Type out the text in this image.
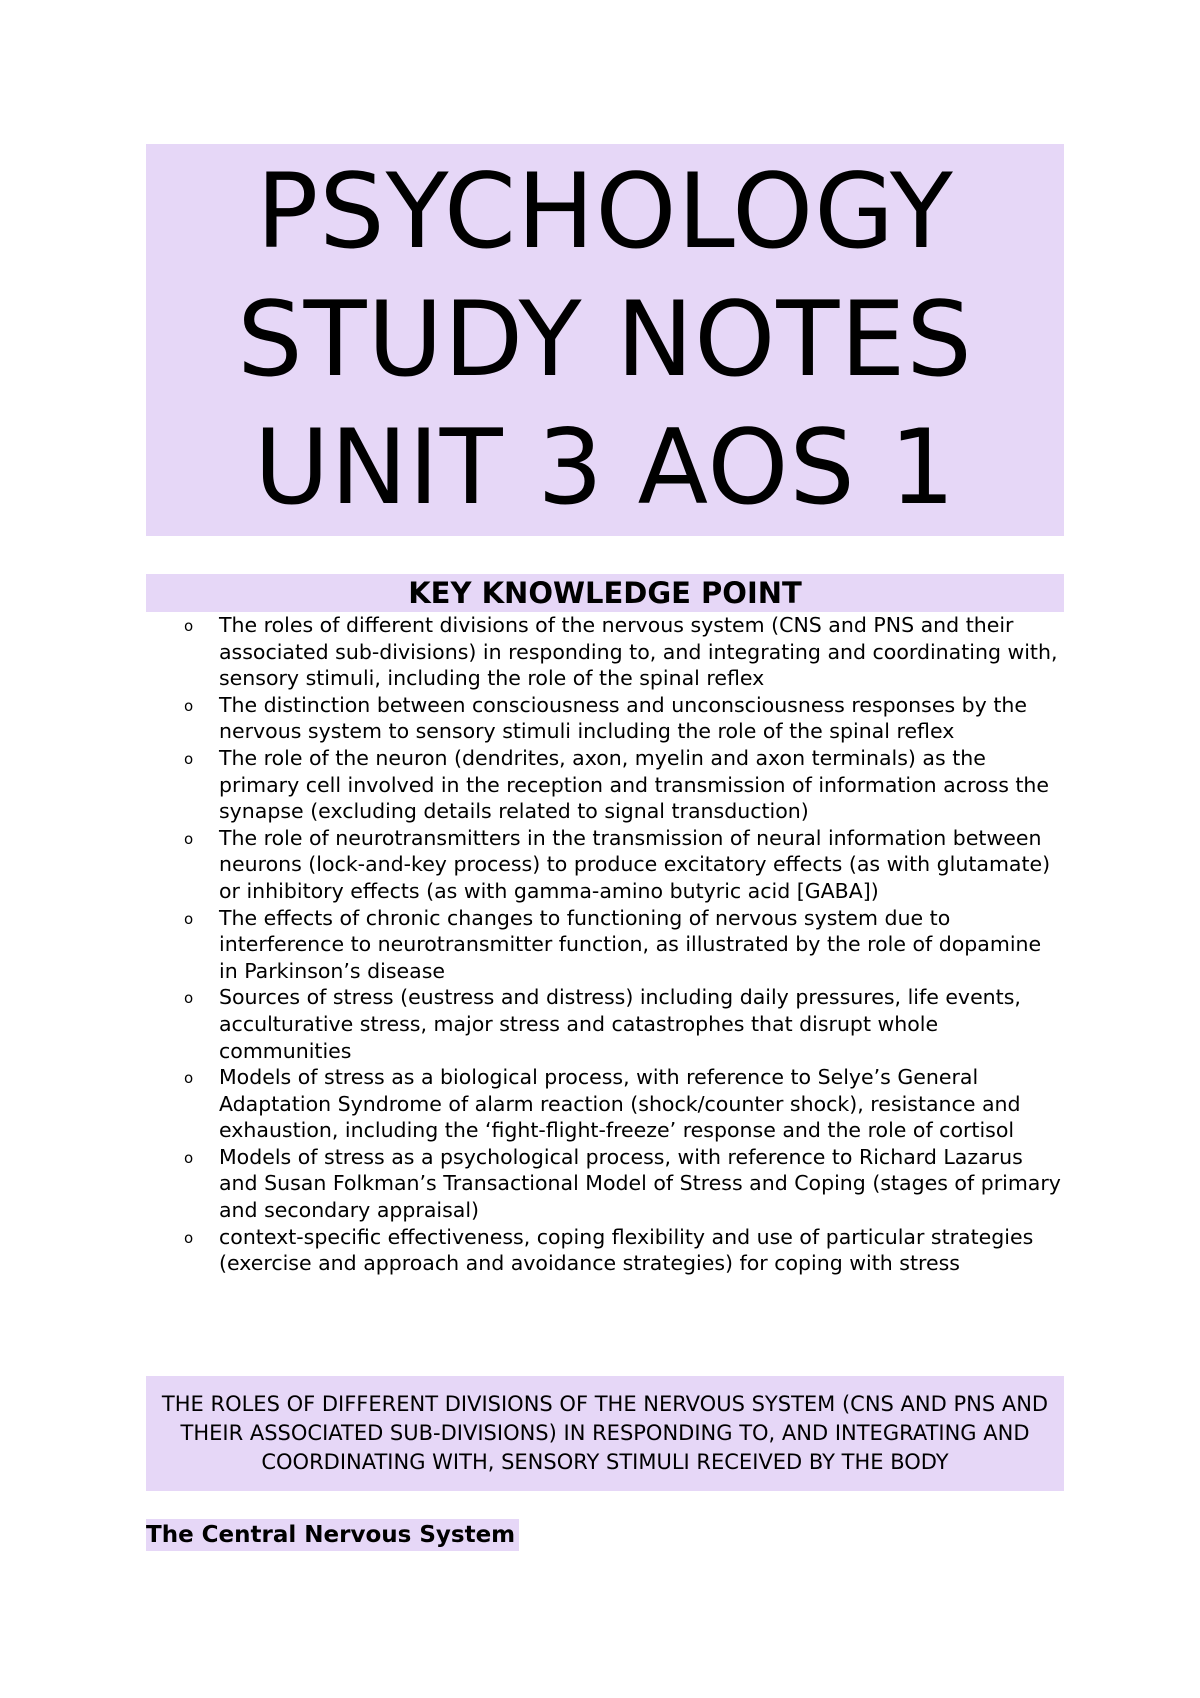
PSYCHOLOGY
STUDY NOTES
UNIT 3 AOS 1
KEY KNOWLEDGE POINT
o The roles of different divisions of the nervous system (CNS and PNS and their associated sub-divisions) in responding to, and integrating and coordinating with, sensory stimuli, including the role of the spinal reflex
o The distinction between consciousness and unconsciousness responses by the nervous system to sensory stimuli including the role of the spinal reflex
o The role of the neuron (dendrites, axon, myelin and axon terminals) as the primary cell involved in the reception and transmission of information across the synapse (excluding details related to signal transduction)
o The role of neurotransmitters in the transmission of neural information between neurons (lock-and-key process) to produce excitatory effects (as with glutamate) or inhibitory effects (as with gamma-amino butyric acid [GABA])
o The effects of chronic changes to functioning of nervous system due to interference to neurotransmitter function, as illustrated by the role of dopamine in Parkinson’s disease
o Sources of stress (eustress and distress) including daily pressures, life events, acculturative stress, major stress and catastrophes that disrupt whole communities
o Models of stress as a biological process, with reference to Selye’s General Adaptation Syndrome of alarm reaction (shock/counter shock), resistance and exhaustion, including the ‘fight-flight-freeze’ response and the role of cortisol
o Models of stress as a psychological process, with reference to Richard Lazarus and Susan Folkman’s Transactional Model of Stress and Coping (stages of primary and secondary appraisal)
o context-specific effectiveness, coping flexibility and use of particular strategies (exercise and approach and avoidance strategies) for coping with stress
THE ROLES OF DIFFERENT DIVISIONS OF THE NERVOUS SYSTEM (CNS AND PNS AND THEIR ASSOCIATED SUB-DIVISIONS) IN RESPONDING TO, AND INTEGRATING AND COORDINATING WITH, SENSORY STIMULI RECEIVED BY THE BODY
The Central Nervous System
